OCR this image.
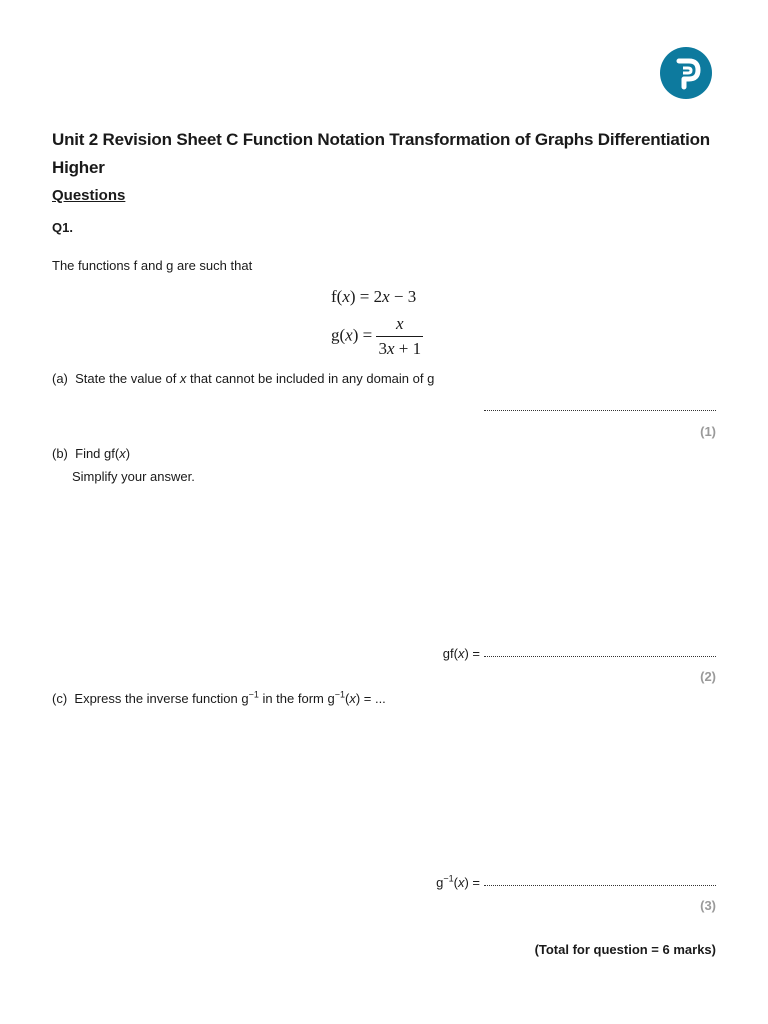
Unit 2 Revision Sheet C Function Notation Transformation of Graphs Differentiation Higher
Questions
Q1.
The functions f and g are such that
f(x) = 2x − 3
$g(x) = \frac{x}{3x + 1}$
(a) State the value of x that cannot be included in any domain of g
(1)
(b) Find gf(x)
Simplify your answer.
gf(x) =
(2)
(c) Express the inverse function $g^{-1}$ in the form $g^{-1}(x)$ = ...
$g^{-1}(x)$ =
(3)
(Total for question = 6 marks)
